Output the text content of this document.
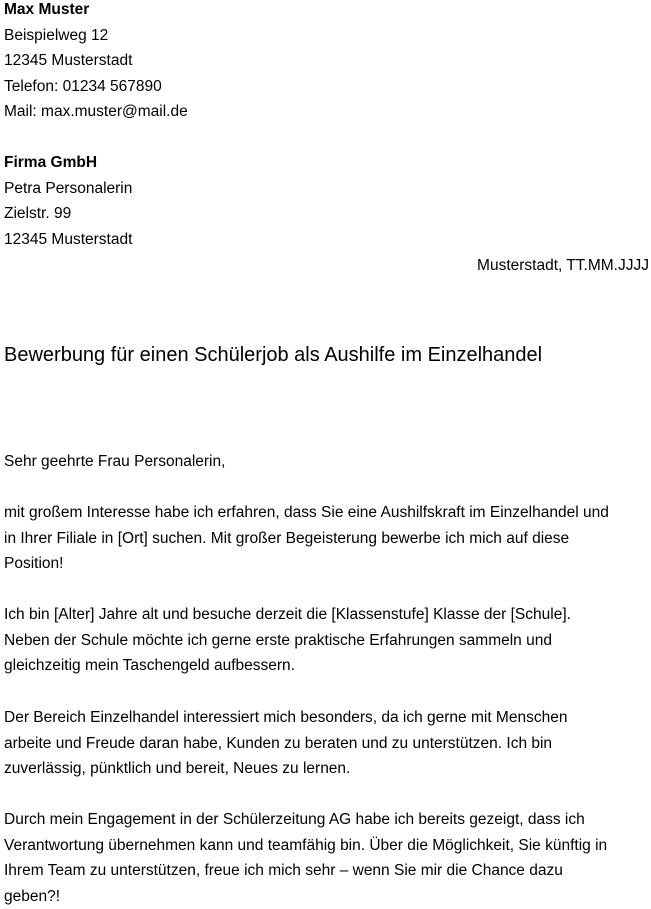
Max Muster
Beispielweg 12
12345 Musterstadt
Telefon: 01234 567890
Mail: max.muster@mail.de
Firma GmbH
Petra Personalerin
Zielstr. 99
12345 Musterstadt
Musterstadt, TT.MM.JJJJ
Bewerbung für einen Schülerjob als Aushilfe im Einzelhandel
Sehr geehrte Frau Personalerin,
mit großem Interesse habe ich erfahren, dass Sie eine Aushilfskraft im Einzelhandel und
in Ihrer Filiale in [Ort] suchen. Mit großer Begeisterung bewerbe ich mich auf diese
Position!
Ich bin [Alter] Jahre alt und besuche derzeit die [Klassenstufe] Klasse der [Schule].
Neben der Schule möchte ich gerne erste praktische Erfahrungen sammeln und
gleichzeitig mein Taschengeld aufbessern.
Der Bereich Einzelhandel interessiert mich besonders, da ich gerne mit Menschen
arbeite und Freude daran habe, Kunden zu beraten und zu unterstützen. Ich bin
zuverlässig, pünktlich und bereit, Neues zu lernen.
Durch mein Engagement in der Schülerzeitung AG habe ich bereits gezeigt, dass ich
Verantwortung übernehmen kann und teamfähig bin. Über die Möglichkeit, Sie künftig in
Ihrem Team zu unterstützen, freue ich mich sehr – wenn Sie mir die Chance dazu
geben?!
